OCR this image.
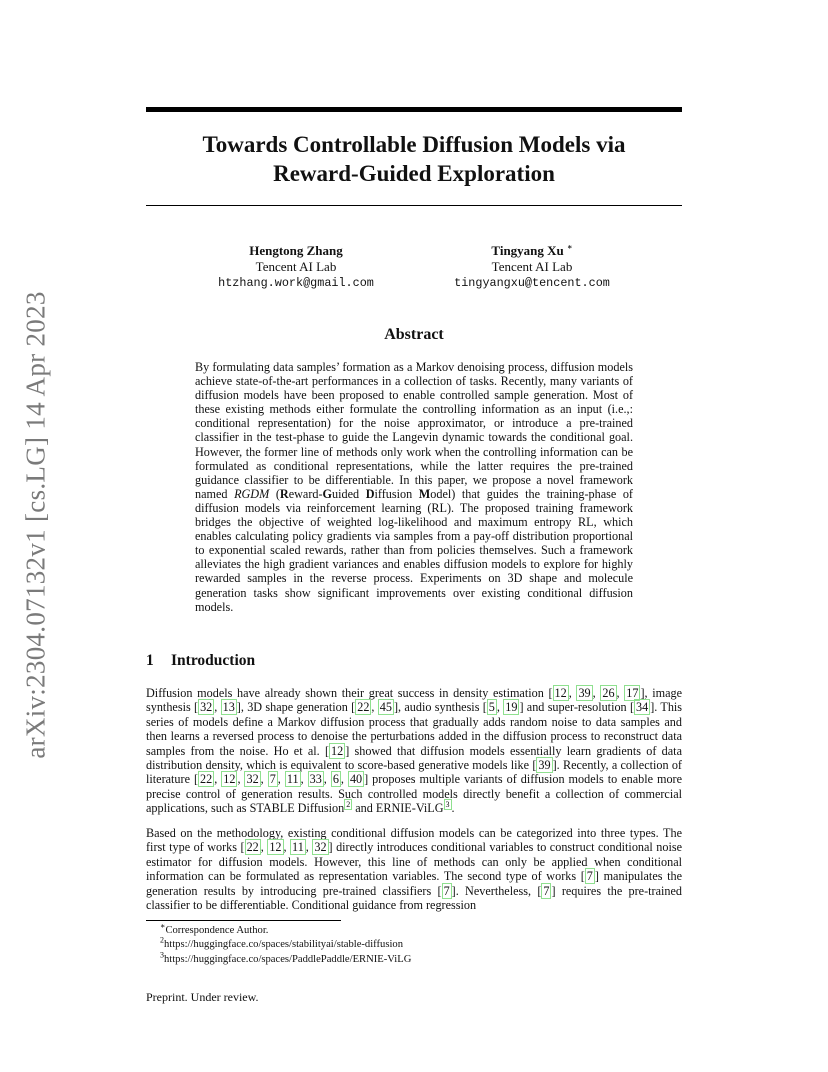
Towards Controllable Diffusion Models via
Reward-Guided Exploration
arXiv:2304.07132v1 [cs.LG] 14 Apr 2023
Hengtong Zhang
Tencent AI Lab
htzhang.work@gmail.com
Tingyang Xu ∗
Tencent AI Lab
tingyangxu@tencent.com
Abstract
By formulating data samples’ formation as a Markov denoising process, diffusion models achieve state-of-the-art performances in a collection of tasks. Recently, many variants of diffusion models have been proposed to enable controlled sample generation. Most of these existing methods either formulate the controlling information as an input (i.e.,: conditional representation) for the noise approximator, or introduce a pre-trained classifier in the test-phase to guide the Langevin dynamic towards the conditional goal. However, the former line of methods only work when the controlling information can be formulated as conditional representations, while the latter requires the pre-trained guidance classifier to be differentiable. In this paper, we propose a novel framework named RGDM (Reward-Guided Diffusion Model) that guides the training-phase of diffusion models via reinforcement learning (RL). The proposed training framework bridges the objective of weighted log-likelihood and maximum entropy RL, which enables calculating policy gradients via samples from a pay-off distribution proportional to exponential scaled rewards, rather than from policies themselves. Such a framework alleviates the high gradient variances and enables diffusion models to explore for highly rewarded samples in the reverse process. Experiments on 3D shape and molecule generation tasks show significant improvements over existing conditional diffusion models.
1 Introduction

Diffusion models have already shown their great success in density estimation [ 12 , 39 , 26 , 17 ], image synthesis [ 32 , 13 ], 3D shape generation [ 22 , 45 ], audio synthesis [ 5 , 19 ] and super-resolution [ 34 ]. This series of models define a Markov diffusion process that gradually adds random noise to data samples and then learns a reversed process to denoise the perturbations added in the diffusion process to reconstruct data samples from the noise. Ho et al. [ 12 ] showed that diffusion models essentially learn gradients of data distribution density, which is equivalent to score-based generative models like [ 39 ]. Recently, a collection of literature [ 22 , 12 , 32 , 7 , 11 , 33 , 6 , 40 ] proposes multiple variants of diffusion models to enable more precise control of generation results. Such controlled models directly benefit a collection of commercial applications, such as STABLE Diffusion $^2$ and ERNIE-ViLG $^3$ .

Based on the methodology, existing conditional diffusion models can be categorized into three types. The first type of works [ 22 , 12 , 11 , 32 ] directly introduces conditional variables to construct conditional noise estimator for diffusion models. However, this line of methods can only be applied when conditional information can be formulated as representation variables. The second type of works [ 7 ] manipulates the generation results by introducing pre-trained classifiers [ 7 ]. Nevertheless, [ 7 ] requires the pre-trained classifier to be differentiable. Conditional guidance from regression

∗Correspondence Author.
$^2$https://huggingface.co/spaces/stabilityai/stable-diffusion
$^3$https://huggingface.co/spaces/PaddlePaddle/ERNIE-ViLG
Preprint. Under review.
